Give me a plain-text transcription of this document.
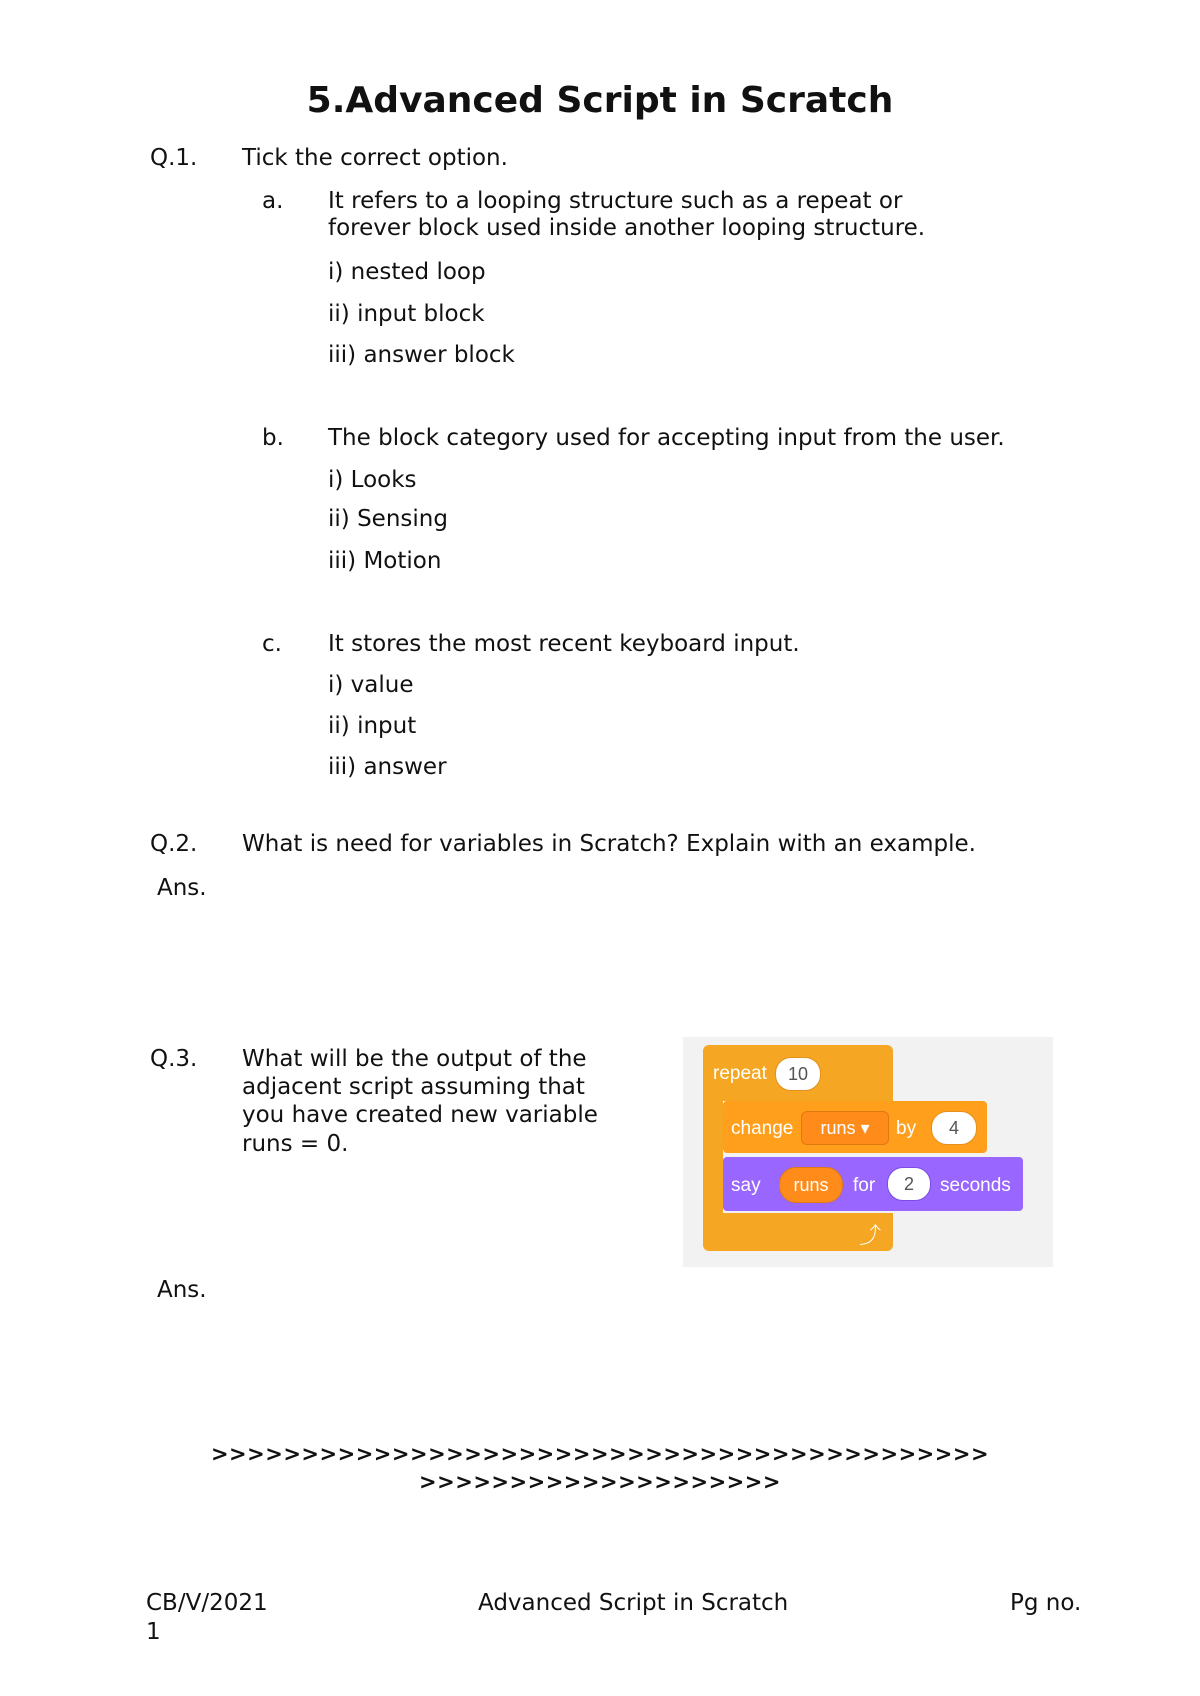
5.Advanced Script in Scratch
Q.1. Tick the correct option.
a. It refers to a looping structure such as a repeat or
forever block used inside another looping structure.
i) nested loop
ii) input block
iii) answer block
b. The block category used for accepting input from the user.
i) Looks
ii) Sensing
iii) Motion
c. It stores the most recent keyboard input.
i) value
ii) input
iii) answer
Q.2. What is need for variables in Scratch? Explain with an example.
Ans.
Q.3. What will be the output of the
adjacent script assuming that
you have created new variable
runs = 0.
Ans.
repeat	10
⤴
change	runs ▾	by	4
say	runs	for	2	seconds
>>>>>>>>>>>>>>>>>>>>>>>>>>>>>>>>>>>>>>>>>>>
>>>>>>>>>>>>>>>>>>>>
CB/V/2021	Advanced Script in Scratch	Pg no.
1
